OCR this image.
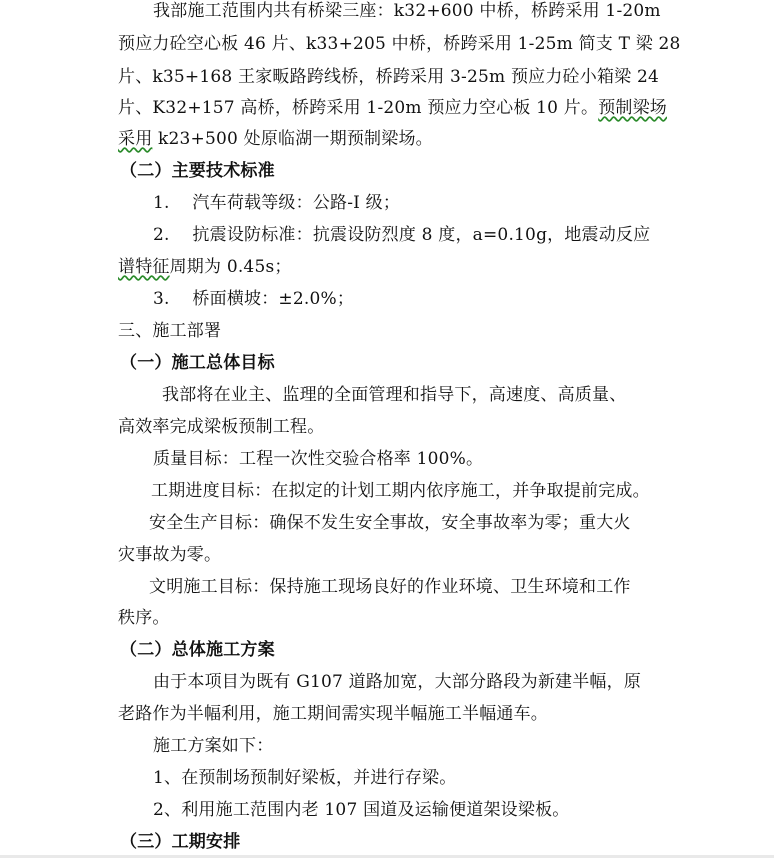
我部施工范围内共有桥梁三座：k32+600 中桥，桥跨采用 1-20m
预应力砼空心板 46 片、k33+205 中桥，桥跨采用 1-25m 简支 T 梁 28
片、k35+168 王家畈路跨线桥，桥跨采用 3-25m 预应力砼小箱梁 24
片、K32+157 高桥，桥跨采用 1-20m 预应力空心板 10 片。预制梁场
采用 k23+500 处原临湖一期预制梁场。
（二）主要技术标准
1.　 汽车荷载等级：公路-I 级；
2.　 抗震设防标准：抗震设防烈度 8 度，a=0.10g，地震动反应
谱特征周期为 0.45s；
3.　 桥面横坡：±2.0%；
三、施工部署
（一）施工总体目标
我部将在业主、监理的全面管理和指导下，高速度、高质量、
高效率完成梁板预制工程。
质量目标：工程一次性交验合格率 100%。
工期进度目标：在拟定的计划工期内依序施工，并争取提前完成。
安全生产目标：确保不发生安全事故，安全事故率为零；重大火
灾事故为零。
文明施工目标：保持施工现场良好的作业环境、卫生环境和工作
秩序。
（二）总体施工方案
由于本项目为既有 G107 道路加宽，大部分路段为新建半幅，原
老路作为半幅利用，施工期间需实现半幅施工半幅通车。
施工方案如下：
1、在预制场预制好梁板，并进行存梁。
2、利用施工范围内老 107 国道及运输便道架设梁板。
（三）工期安排
